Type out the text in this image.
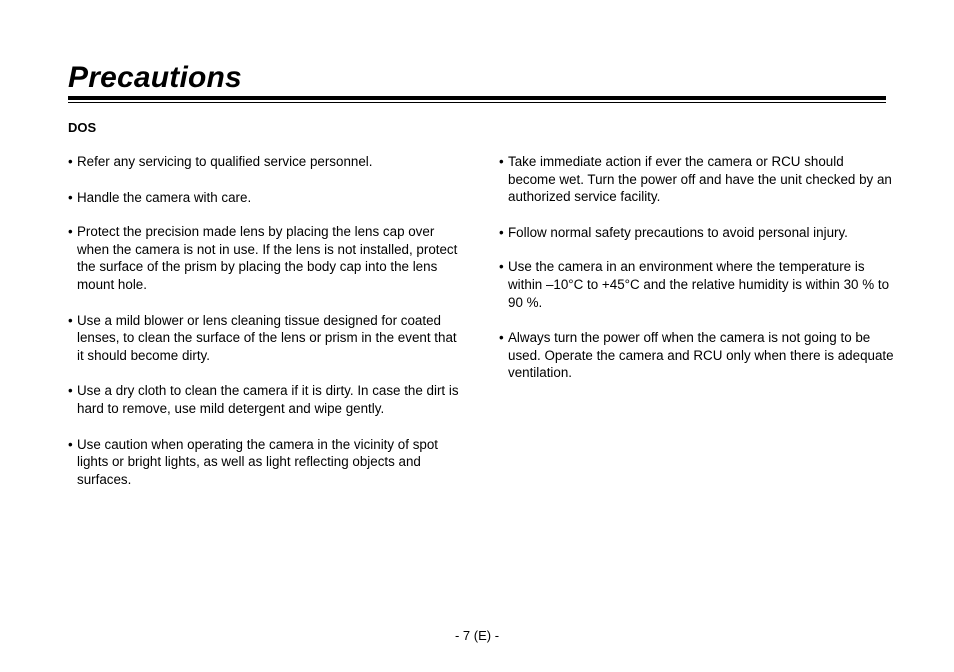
Precautions
DOS
• Refer any servicing to qualified service personnel.
• Handle the camera with care.
• Protect the precision made lens by placing the lens cap over when the camera is not in use. If the lens is not installed, protect the surface of the prism by placing the body cap into the lens mount hole.
• Use a mild blower or lens cleaning tissue designed for coated lenses, to clean the surface of the lens or prism in the event that it should become dirty.
• Use a dry cloth to clean the camera if it is dirty. In case the dirt is hard to remove, use mild detergent and wipe gently.
• Use caution when operating the camera in the vicinity of spot lights or bright lights, as well as light reflecting objects and surfaces.
• Take immediate action if ever the camera or RCU should become wet. Turn the power off and have the unit checked by an authorized service facility.
• Follow normal safety precautions to avoid personal injury.
• Use the camera in an environment where the temperature is within –10°C to +45°C and the relative humidity is within 30 % to 90 %.
• Always turn the power off when the camera is not going to be used. Operate the camera and RCU only when there is adequate ventilation.
- 7 (E) -
